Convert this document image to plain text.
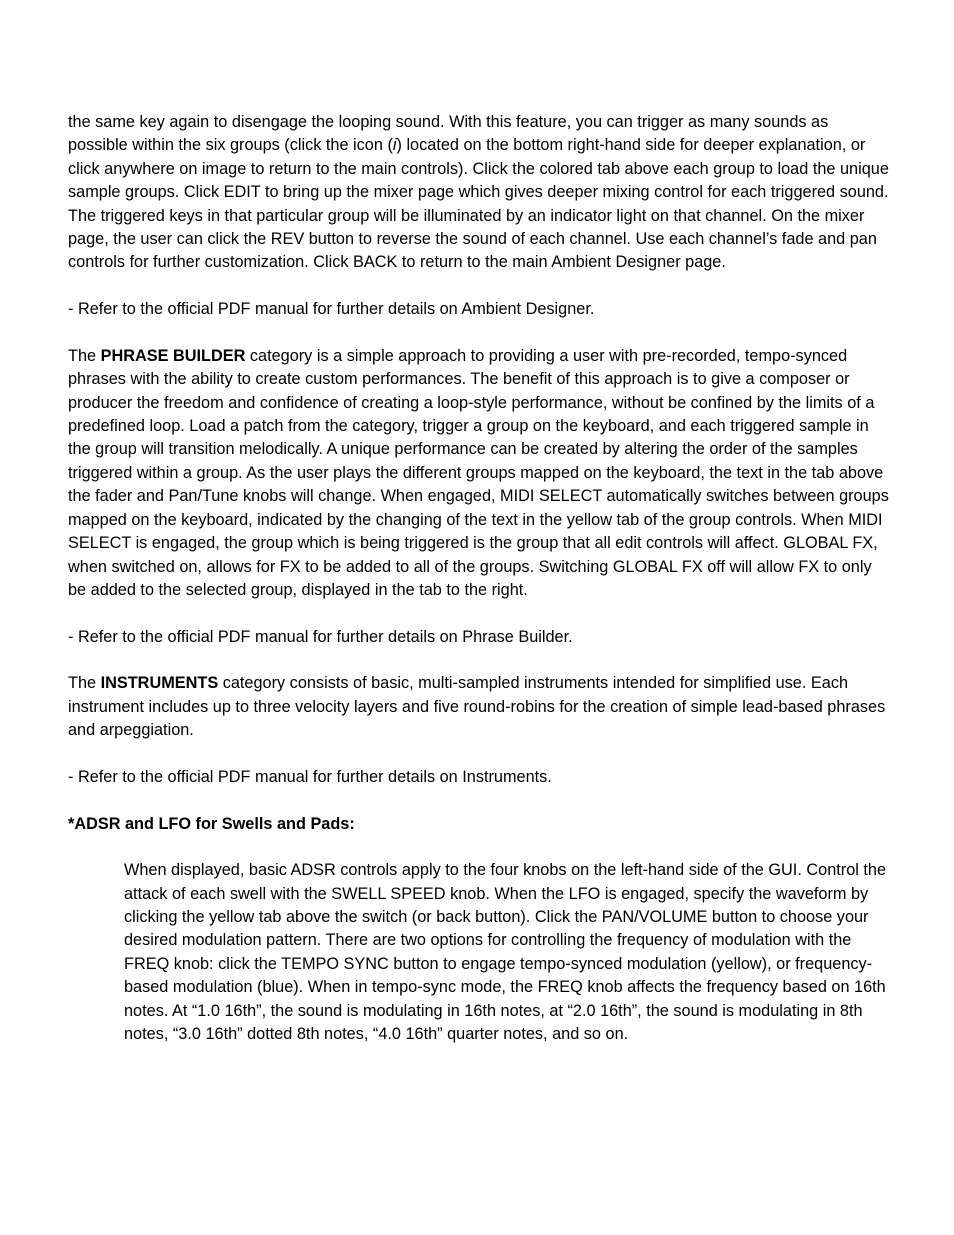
the same key again to disengage the looping sound. With this feature, you can trigger as many sounds as possible within the six groups (click the icon (i) located on the bottom right-hand side for deeper explanation, or click anywhere on image to return to the main controls). Click the colored tab above each group to load the unique sample groups. Click EDIT to bring up the mixer page which gives deeper mixing control for each triggered sound. The triggered keys in that particular group will be illuminated by an indicator light on that channel. On the mixer page, the user can click the REV button to reverse the sound of each channel. Use each channel’s fade and pan controls for further customization. Click BACK to return to the main Ambient Designer page.

- Refer to the official PDF manual for further details on Ambient Designer.

The PHRASE BUILDER category is a simple approach to providing a user with pre-recorded, tempo-synced phrases with the ability to create custom performances. The benefit of this approach is to give a composer or producer the freedom and confidence of creating a loop-style performance, without be confined by the limits of a predefined loop. Load a patch from the category, trigger a group on the keyboard, and each triggered sample in the group will transition melodically. A unique performance can be created by altering the order of the samples triggered within a group. As the user plays the different groups mapped on the keyboard, the text in the tab above the fader and Pan/Tune knobs will change. When engaged, MIDI SELECT automatically switches between groups mapped on the keyboard, indicated by the changing of the text in the yellow tab of the group controls. When MIDI SELECT is engaged, the group which is being triggered is the group that all edit controls will affect. GLOBAL FX, when switched on, allows for FX to be added to all of the groups. Switching GLOBAL FX off will allow FX to only be added to the selected group, displayed in the tab to the right.

- Refer to the official PDF manual for further details on Phrase Builder.

The INSTRUMENTS category consists of basic, multi-sampled instruments intended for simplified use. Each instrument includes up to three velocity layers and five round-robins for the creation of simple lead-based phrases and arpeggiation.

- Refer to the official PDF manual for further details on Instruments.

*ADSR and LFO for Swells and Pads:

When displayed, basic ADSR controls apply to the four knobs on the left-hand side of the GUI. Control the attack of each swell with the SWELL SPEED knob. When the LFO is engaged, specify the waveform by clicking the yellow tab above the switch (or back button). Click the PAN/VOLUME button to choose your desired modulation pattern. There are two options for controlling the frequency of modulation with the FREQ knob: click the TEMPO SYNC button to engage tempo-synced modulation (yellow), or frequency-based modulation (blue). When in tempo-sync mode, the FREQ knob affects the frequency based on 16th notes. At “1.0 16th”, the sound is modulating in 16th notes, at “2.0 16th”, the sound is modulating in 8th notes, “3.0 16th” dotted 8th notes, “4.0 16th” quarter notes, and so on.
